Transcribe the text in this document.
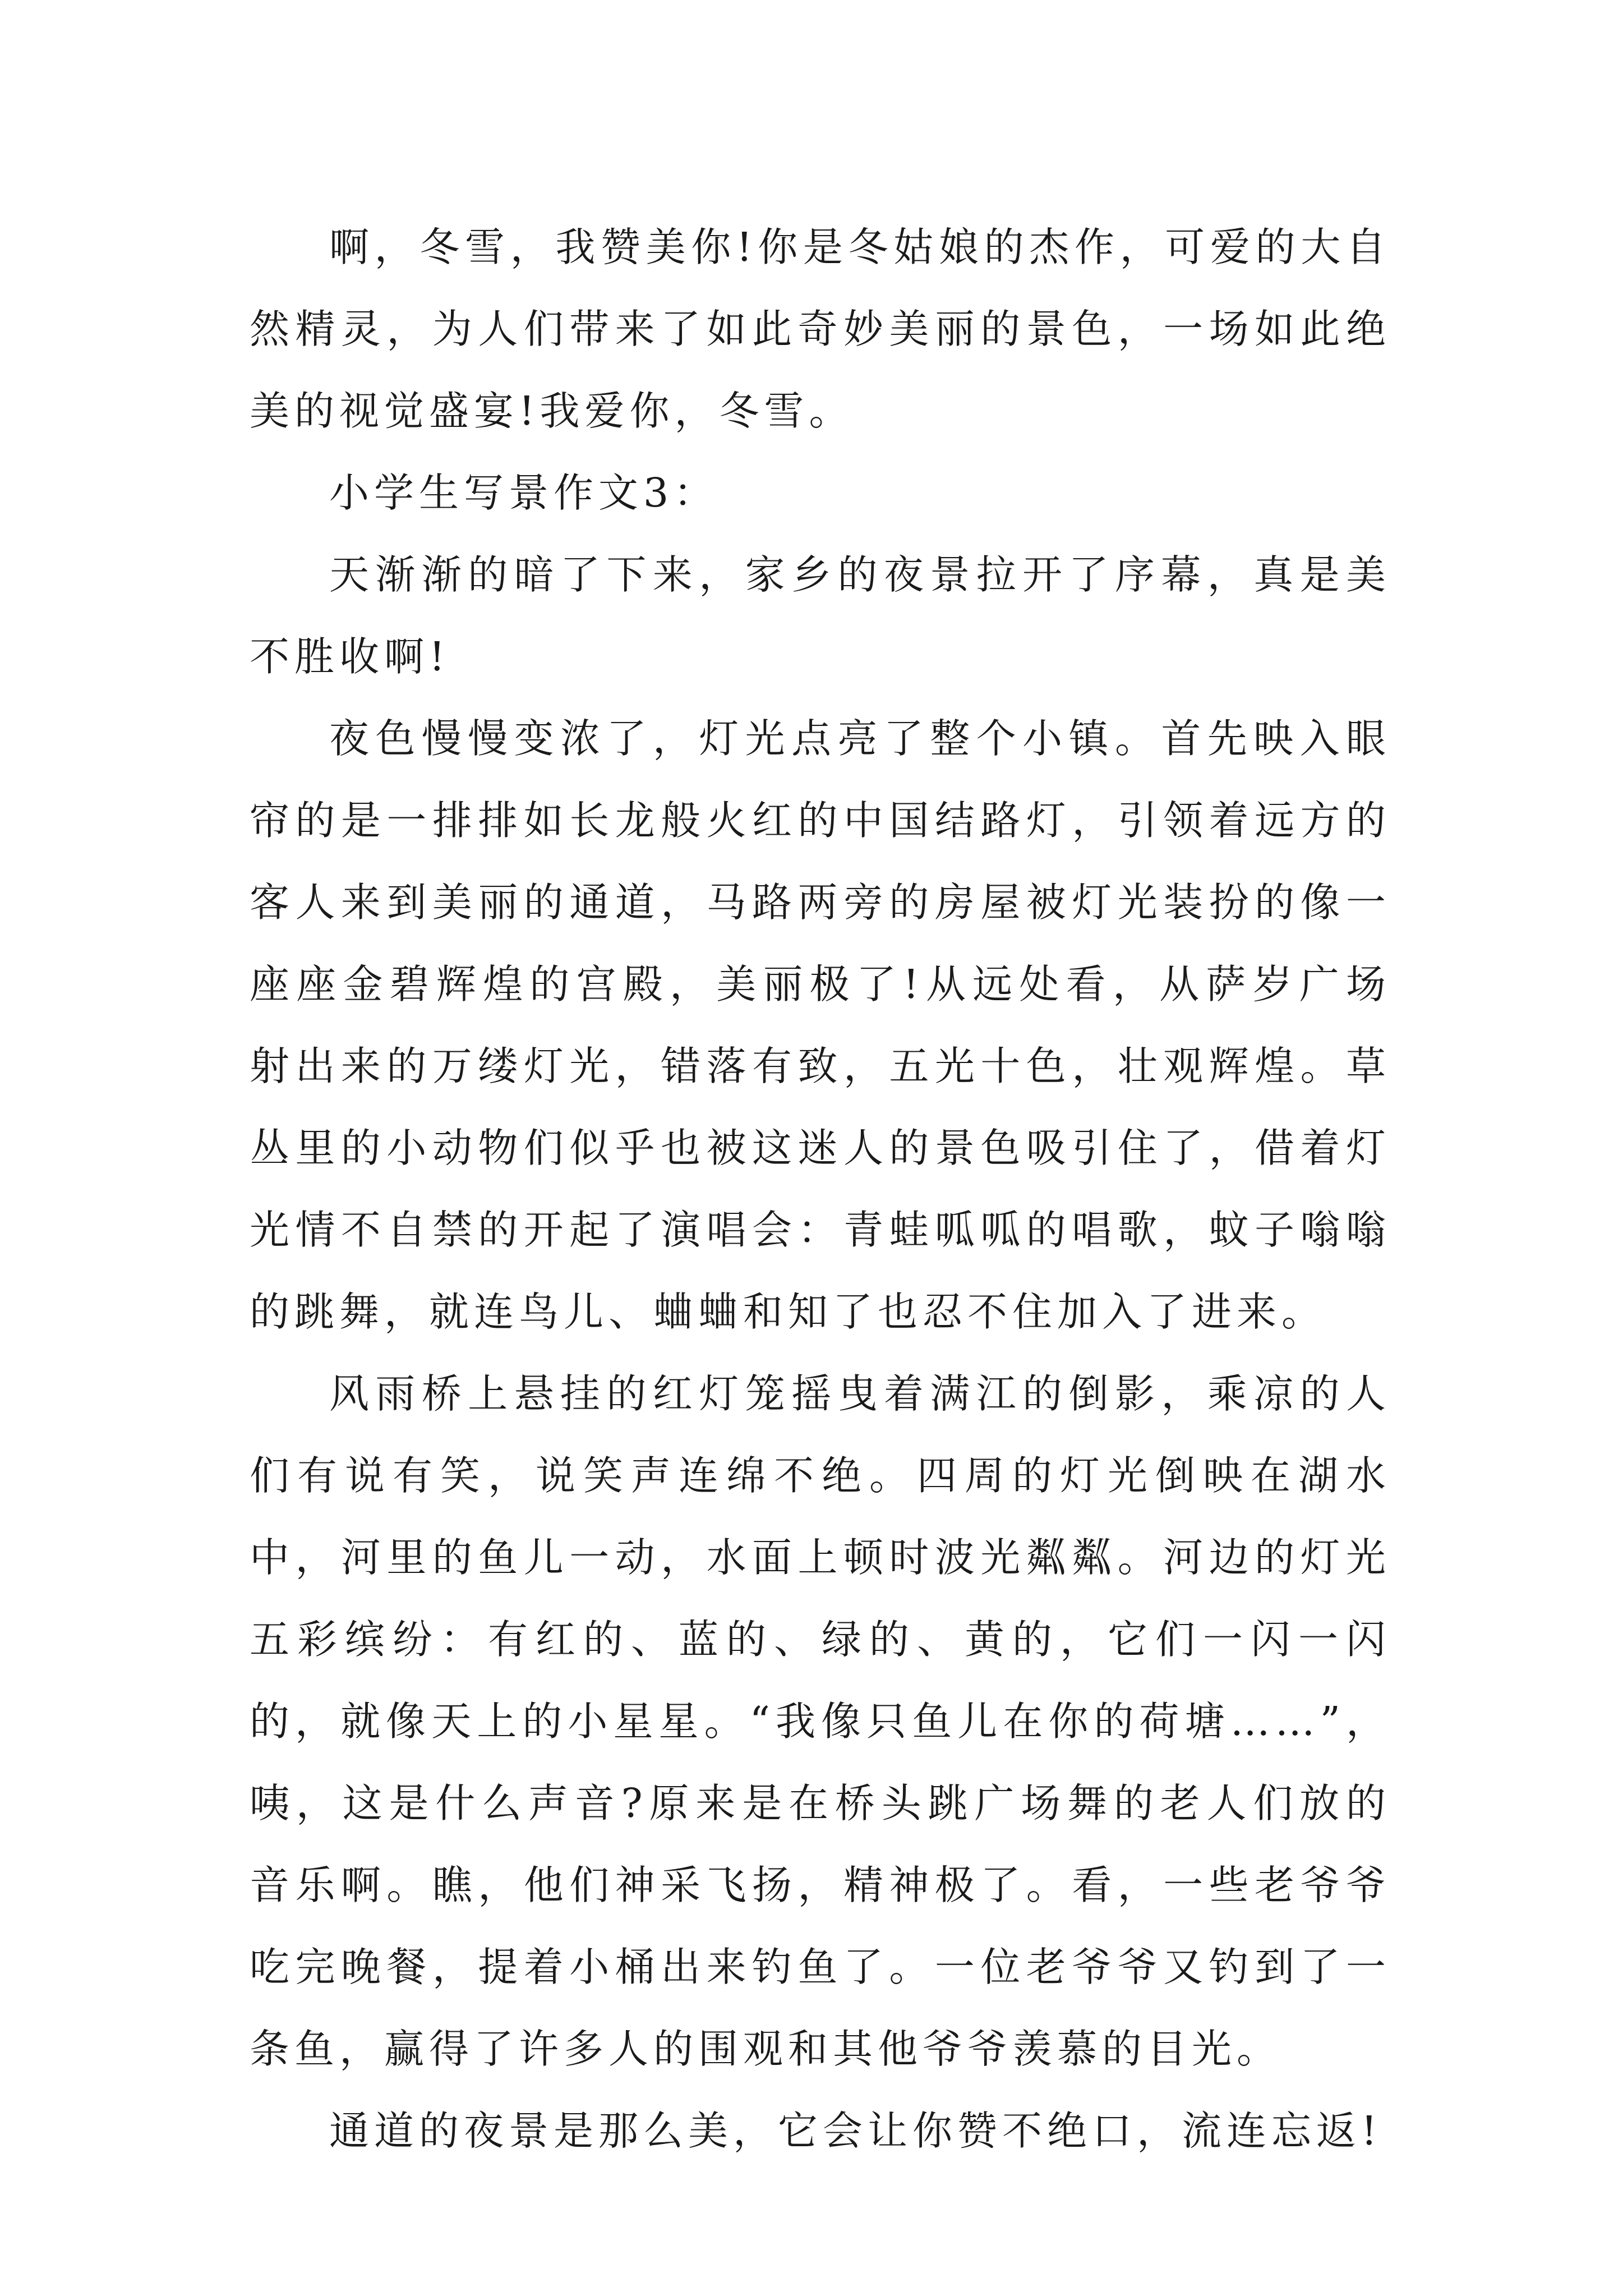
啊，冬雪，我赞美你!你是冬姑娘的杰作，可爱的大自然精灵，为人们带来了如此奇妙美丽的景色，一场如此绝美的视觉盛宴!我爱你，冬雪。

小学生写景作文3：

天渐渐的暗了下来，家乡的夜景拉开了序幕，真是美不胜收啊!

夜色慢慢变浓了，灯光点亮了整个小镇。首先映入眼帘的是一排排如长龙般火红的中国结路灯，引领着远方的客人来到美丽的通道，马路两旁的房屋被灯光装扮的像一座座金碧辉煌的宫殿，美丽极了!从远处看，从萨岁广场射出来的万缕灯光，错落有致，五光十色，壮观辉煌。草丛里的小动物们似乎也被这迷人的景色吸引住了，借着灯光情不自禁的开起了演唱会：青蛙呱呱的唱歌，蚊子嗡嗡的跳舞，就连鸟儿、蛐蛐和知了也忍不住加入了进来。

风雨桥上悬挂的红灯笼摇曳着满江的倒影，乘凉的人们有说有笑，说笑声连绵不绝。四周的灯光倒映在湖水中，河里的鱼儿一动，水面上顿时波光粼粼。河边的灯光五彩缤纷：有红的、蓝的、绿的、黄的，它们一闪一闪的，就像天上的小星星。“我像只鱼儿在你的荷塘……”，咦，这是什么声音?原来是在桥头跳广场舞的老人们放的音乐啊。瞧，他们神采飞扬，精神极了。看，一些老爷爷吃完晚餐，提着小桶出来钓鱼了。一位老爷爷又钓到了一条鱼，赢得了许多人的围观和其他爷爷羡慕的目光。

通道的夜景是那么美，它会让你赞不绝口，流连忘返!
